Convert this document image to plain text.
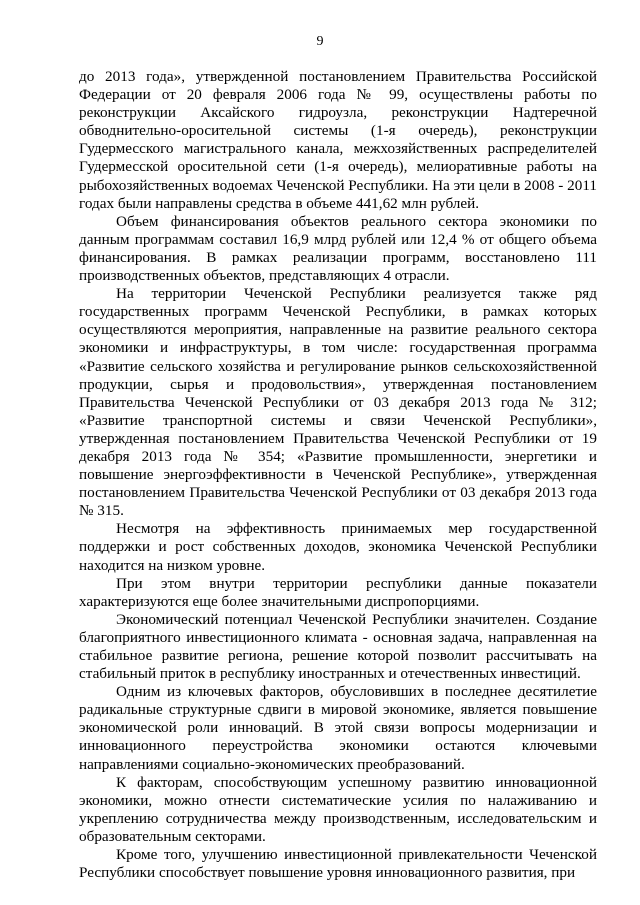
9

до 2013 года», утвержденной постановлением Правительства Российской Федерации от 20 февраля 2006 года № 99, осуществлены работы по реконструкции Аксайского гидроузла, реконструкции Надтеречной обводнительно-оросительной системы (1-я очередь), реконструкции Гудермесского магистрального канала, межхозяйственных распределителей Гудермесской оросительной сети (1-я очередь), мелиоративные работы на рыбохозяйственных водоемах Чеченской Республики. На эти цели в 2008 - 2011 годах были направлены средства в объеме 441,62 млн рублей.

Объем финансирования объектов реального сектора экономики по данным программам составил 16,9 млрд рублей или 12,4 % от общего объема финансирования. В рамках реализации программ, восстановлено 111 производственных объектов, представляющих 4 отрасли.

На территории Чеченской Республики реализуется также ряд государственных программ Чеченской Республики, в рамках которых осуществляются мероприятия, направленные на развитие реального сектора экономики и инфраструктуры, в том числе: государственная программа «Развитие сельского хозяйства и регулирование рынков сельскохозяйственной продукции, сырья и продовольствия», утвержденная постановлением Правительства Чеченской Республики от 03 декабря 2013 года № 312; «Развитие транспортной системы и связи Чеченской Республики», утвержденная постановлением Правительства Чеченской Республики от 19 декабря 2013 года № 354; «Развитие промышленности, энергетики и повышение энергоэффективности в Чеченской Республике», утвержденная постановлением Правительства Чеченской Республики от 03 декабря 2013 года № 315.

Несмотря на эффективность принимаемых мер государственной поддержки и рост собственных доходов, экономика Чеченской Республики находится на низком уровне.

При этом внутри территории республики данные показатели характеризуются еще более значительными диспропорциями.

Экономический потенциал Чеченской Республики значителен. Создание благоприятного инвестиционного климата - основная задача, направленная на стабильное развитие региона, решение которой позволит рассчитывать на стабильный приток в республику иностранных и отечественных инвестиций.

Одним из ключевых факторов, обусловивших в последнее десятилетие радикальные структурные сдвиги в мировой экономике, является повышение экономической роли инноваций. В этой связи вопросы модернизации и инновационного переустройства экономики остаются ключевыми направлениями социально-экономических преобразований.

К факторам, способствующим успешному развитию инновационной экономики, можно отнести систематические усилия по налаживанию и укреплению сотрудничества между производственным, исследовательским и образовательным секторами.

Кроме того, улучшению инвестиционной привлекательности Чеченской Республики способствует повышение уровня инновационного развития, при
